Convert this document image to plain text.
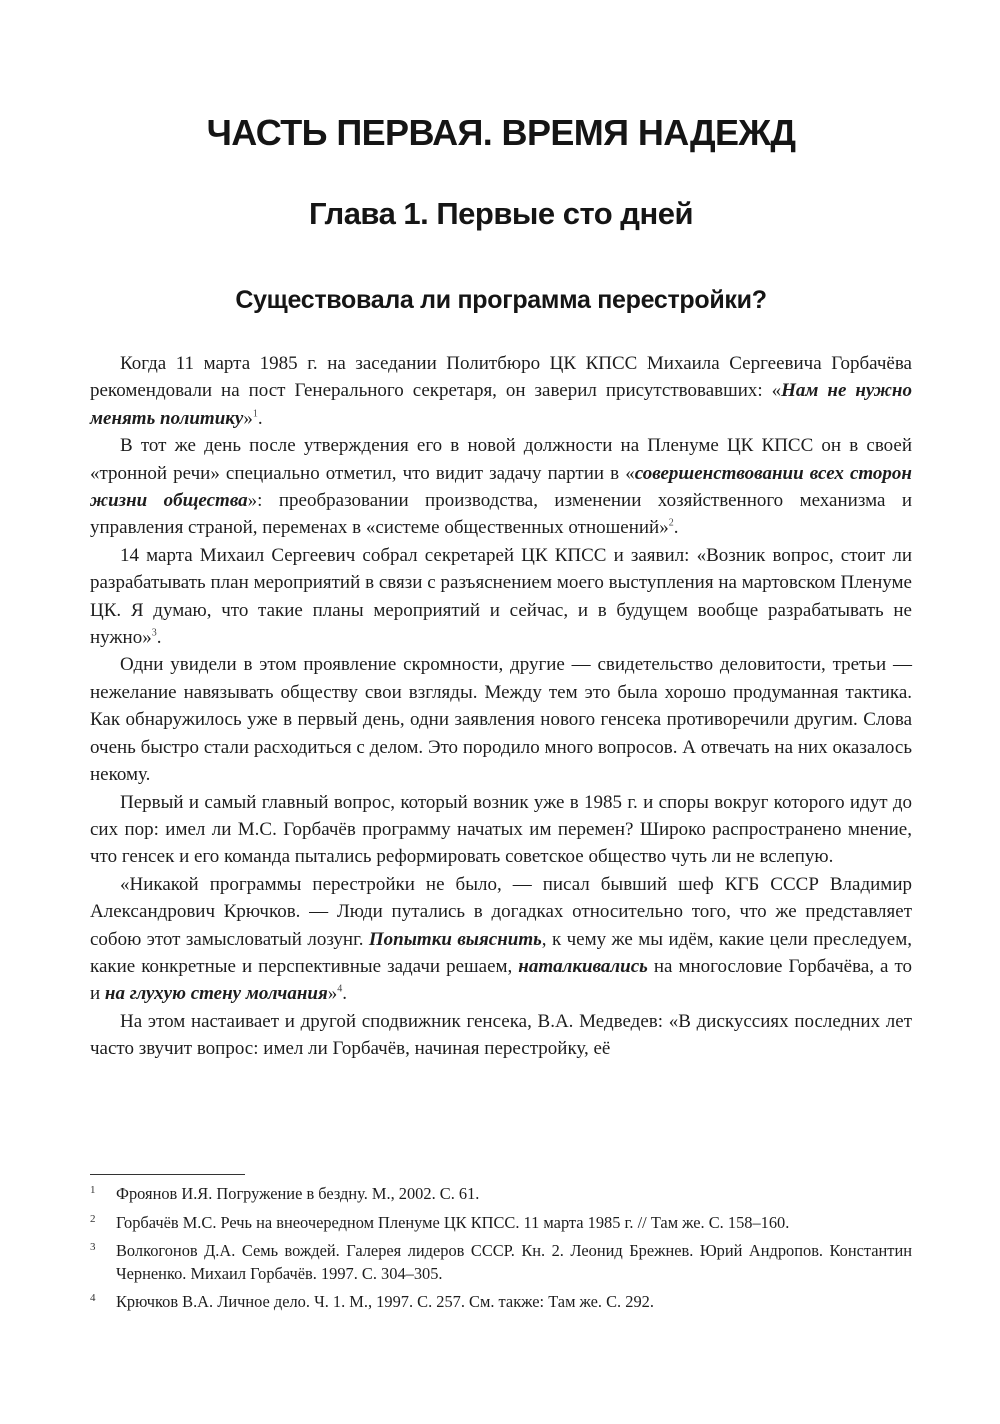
ЧАСТЬ ПЕРВАЯ. ВРЕМЯ НАДЕЖД
Глава 1. Первые сто дней
Существовала ли программа перестройки?

Когда 11 марта 1985 г. на заседании Политбюро ЦК КПСС Михаила Сергеевича Горбачёва рекомендовали на пост Генерального секретаря, он заверил присутствовавших: «Нам не нужно менять политику»$^1$.

В тот же день после утверждения его в новой должности на Пленуме ЦК КПСС он в своей «тронной речи» специально отметил, что видит задачу партии в «совершенствовании всех сторон жизни общества»: преобразовании производства, изменении хозяйственного механизма и управления страной, переменах в «системе общественных отношений»$^2$.

14 марта Михаил Сергеевич собрал секретарей ЦК КПСС и заявил: «Возник вопрос, стоит ли разрабатывать план мероприятий в связи с разъяснением моего выступления на мартовском Пленуме ЦК. Я думаю, что такие планы мероприятий и сейчас, и в будущем вообще разрабатывать не нужно»$^3$.

Одни увидели в этом проявление скромности, другие — свидетельство деловитости, третьи — нежелание навязывать обществу свои взгляды. Между тем это была хорошо продуманная тактика. Как обнаружилось уже в первый день, одни заявления нового генсека противоречили другим. Слова очень быстро стали расходиться с делом. Это породило много вопросов. А отвечать на них оказалось некому.

Первый и самый главный вопрос, который возник уже в 1985 г. и споры вокруг которого идут до сих пор: имел ли М.С. Горбачёв программу начатых им перемен? Широко распространено мнение, что генсек и его команда пытались реформировать советское общество чуть ли не вслепую.

«Никакой программы перестройки не было, — писал бывший шеф КГБ СССР Владимир Александрович Крючков. — Люди путались в догадках относительно того, что же представляет собою этот замысловатый лозунг. Попытки выяснить, к чему же мы идём, какие цели преследуем, какие конкретные и перспективные задачи решаем, наталкивались на многословие Горбачёва, а то и на глухую стену молчания»$^4$.

На этом настаивает и другой сподвижник генсека, В.А. Медведев: «В дискуссиях последних лет часто звучит вопрос: имел ли Горбачёв, начиная перестройку, её

1 Фроянов И.Я. Погружение в бездну. М., 2002. С. 61.
2 Горбачёв М.С. Речь на внеочередном Пленуме ЦК КПСС. 11 марта 1985 г. // Там же. С. 158–160.
3 Волкогонов Д.А. Семь вождей. Галерея лидеров СССР. Кн. 2. Леонид Брежнев. Юрий Андропов. Константин Черненко. Михаил Горбачёв. 1997. С. 304–305.
4 Крючков В.А. Личное дело. Ч. 1. М., 1997. С. 257. См. также: Там же. С. 292.
